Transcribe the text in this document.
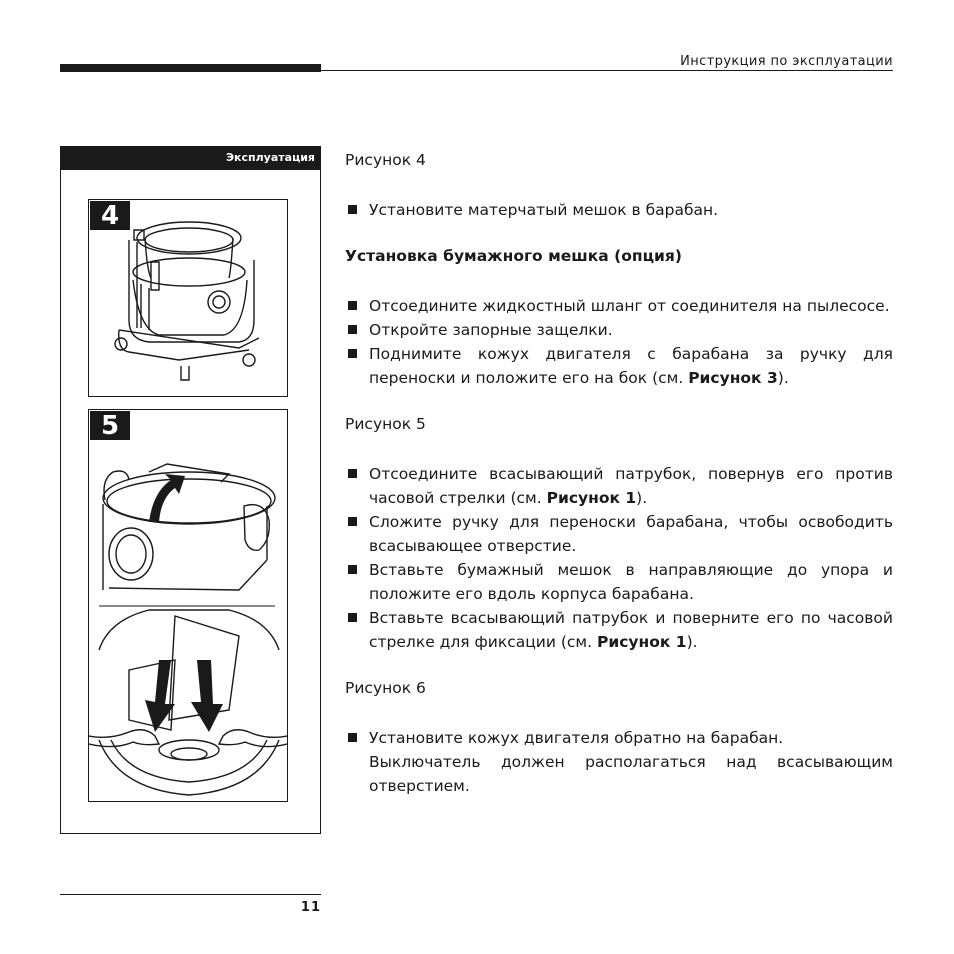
Инструкция по эксплуатации
Эксплуатация
4
5

Рисунок 4

Установите матерчатый мешок в барабан.

Установка бумажного мешка (опция)

Отсоедините жидкостный шланг от соединителя на пылесосе.
Откройте запорные защелки.
Поднимите кожух двигателя с барабана за ручку для переноски и положите его на бок (см. Рисунок 3).

Рисунок 5

Отсоедините всасывающий патрубок, повернув его против часовой стрелки (см. Рисунок 1).
Сложите ручку для переноски барабана, чтобы освободить всасывающее отверстие.
Вставьте бумажный мешок в направляющие до упора и положите его вдоль корпуса барабана.
Вставьте всасывающий патрубок и поверните его по часовой стрелке для фиксации (см. Рисунок 1).

Рисунок 6

Установите кожух двигателя обратно на барабан.
Выключатель должен располагаться над всасывающим отверстием.
11
